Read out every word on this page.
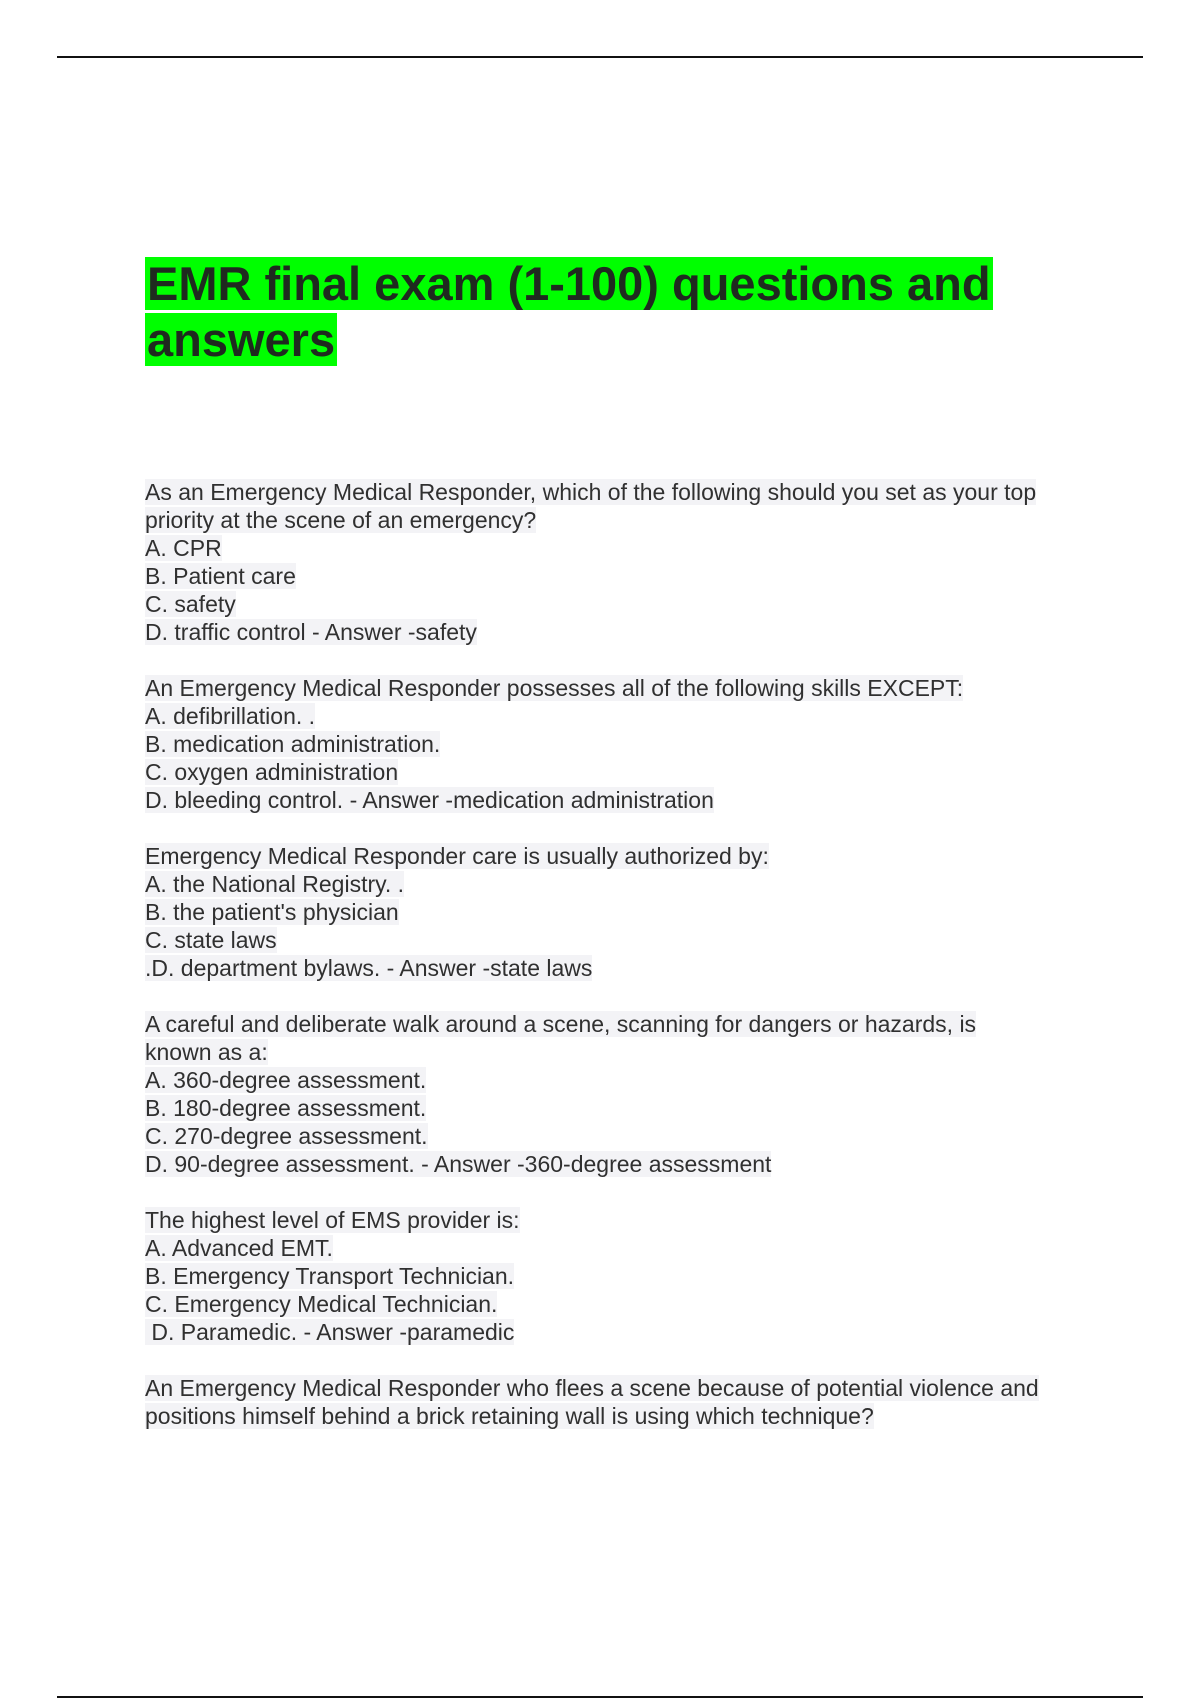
EMR final exam (1-100) questions and answers
As an Emergency Medical Responder, which of the following should you set as your top
priority at the scene of an emergency?
A. CPR
B. Patient care
C. safety
D. traffic control - Answer -safety
An Emergency Medical Responder possesses all of the following skills EXCEPT:
A. defibrillation. .
B. medication administration.
C. oxygen administration
D. bleeding control. - Answer -medication administration
Emergency Medical Responder care is usually authorized by:
A. the National Registry. .
B. the patient's physician
C. state laws
.D. department bylaws. - Answer -state laws
A careful and deliberate walk around a scene, scanning for dangers or hazards, is
known as a:
A. 360-degree assessment.
B. 180-degree assessment.
C. 270-degree assessment.
D. 90-degree assessment. - Answer -360-degree assessment
The highest level of EMS provider is:
A. Advanced EMT.
B. Emergency Transport Technician.
C. Emergency Medical Technician.
D. Paramedic. - Answer -paramedic
An Emergency Medical Responder who flees a scene because of potential violence and
positions himself behind a brick retaining wall is using which technique?
